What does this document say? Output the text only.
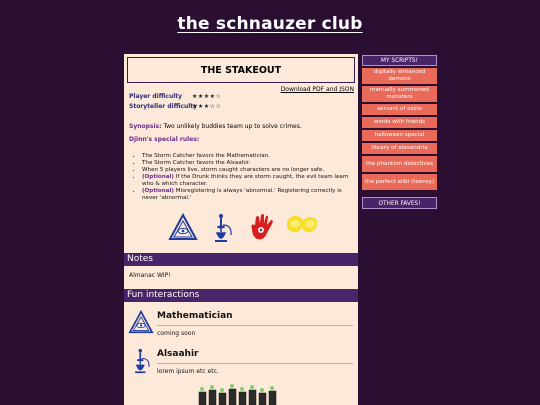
the schnauzer club
THE STAKEOUT
Player difficulty ★★★★☆
Storyteller difficulty
★★★☆☆
Download PDF and JSON
Synopsis: Two unlikely buddies team up to solve crimes.
Djinn's special rules:
• The Storm Catcher favors the Mathematician.
• The Storm Catcher favors the Alsaahir.
• When 5 players live, storm caught characters are no longer safe.
• (Optional) If the Drunk thinks they are storm caught, the evil team learn who & which character.
• (Optional) Misregistering is always 'abnormal.' Registering correctly is never 'abnormal.'
Notes
Almanac WIP!
Fun interactions
Mathematician
coming soon
Alsaahir
lorem ipsum etc etc.
MY SCRIPTS!
digitally enhanced demons
manually summoned monsters
servant of osiris
words with friends
halloween special
library of alexandria
the phantom detectives
the perfect alibi (teensy)
OTHER FAVES!
